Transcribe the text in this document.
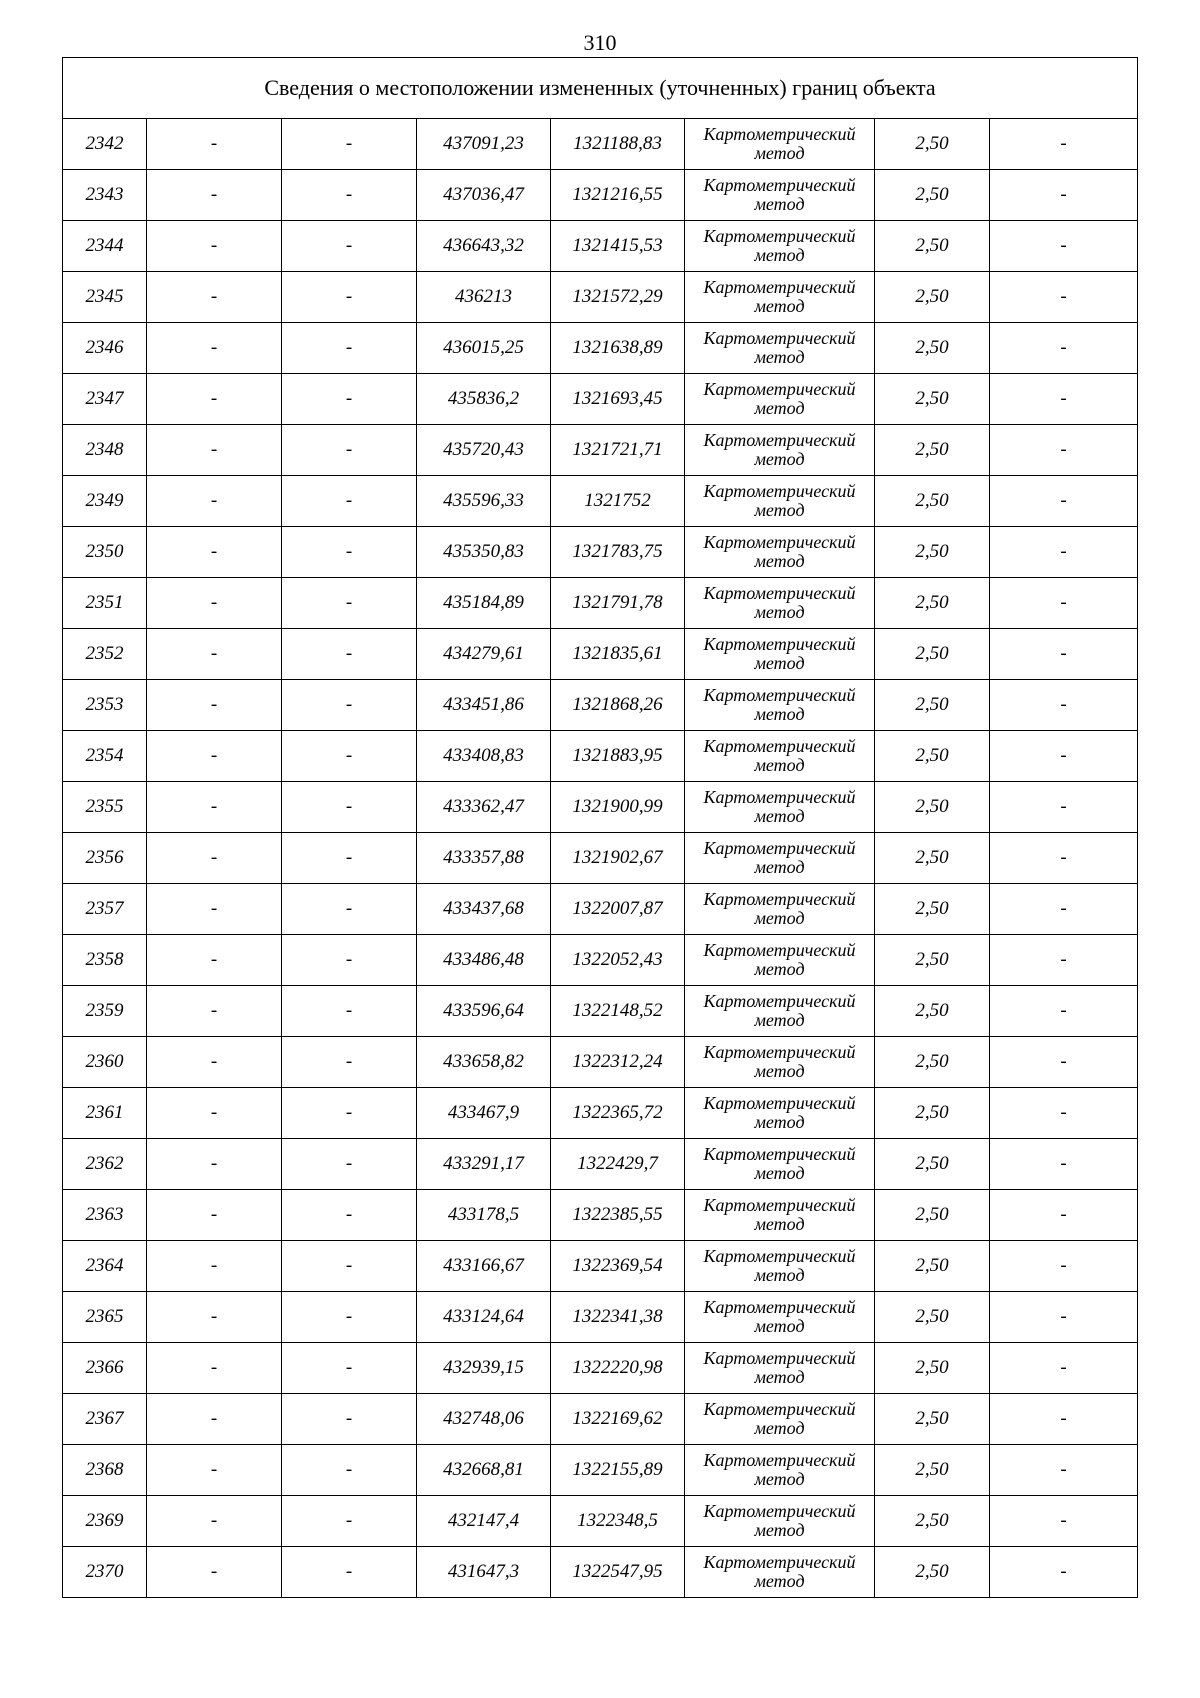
310
Сведения о местоположении измененных (уточненных) границ объекта							
2342	-	-	437091,23	1321188,83	Картометрический метод	2,50	-
2343	-	-	437036,47	1321216,55	Картометрический метод	2,50	-
2344	-	-	436643,32	1321415,53	Картометрический метод	2,50	-
2345	-	-	436213	1321572,29	Картометрический метод	2,50	-
2346	-	-	436015,25	1321638,89	Картометрический метод	2,50	-
2347	-	-	435836,2	1321693,45	Картометрический метод	2,50	-
2348	-	-	435720,43	1321721,71	Картометрический метод	2,50	-
2349	-	-	435596,33	1321752	Картометрический метод	2,50	-
2350	-	-	435350,83	1321783,75	Картометрический метод	2,50	-
2351	-	-	435184,89	1321791,78	Картометрический метод	2,50	-
2352	-	-	434279,61	1321835,61	Картометрический метод	2,50	-
2353	-	-	433451,86	1321868,26	Картометрический метод	2,50	-
2354	-	-	433408,83	1321883,95	Картометрический метод	2,50	-
2355	-	-	433362,47	1321900,99	Картометрический метод	2,50	-
2356	-	-	433357,88	1321902,67	Картометрический метод	2,50	-
2357	-	-	433437,68	1322007,87	Картометрический метод	2,50	-
2358	-	-	433486,48	1322052,43	Картометрический метод	2,50	-
2359	-	-	433596,64	1322148,52	Картометрический метод	2,50	-
2360	-	-	433658,82	1322312,24	Картометрический метод	2,50	-
2361	-	-	433467,9	1322365,72	Картометрический метод	2,50	-
2362	-	-	433291,17	1322429,7	Картометрический метод	2,50	-
2363	-	-	433178,5	1322385,55	Картометрический метод	2,50	-
2364	-	-	433166,67	1322369,54	Картометрический метод	2,50	-
2365	-	-	433124,64	1322341,38	Картометрический метод	2,50	-
2366	-	-	432939,15	1322220,98	Картометрический метод	2,50	-
2367	-	-	432748,06	1322169,62	Картометрический метод	2,50	-
2368	-	-	432668,81	1322155,89	Картометрический метод	2,50	-
2369	-	-	432147,4	1322348,5	Картометрический метод	2,50	-
2370	-	-	431647,3	1322547,95	Картометрический метод	2,50	-
